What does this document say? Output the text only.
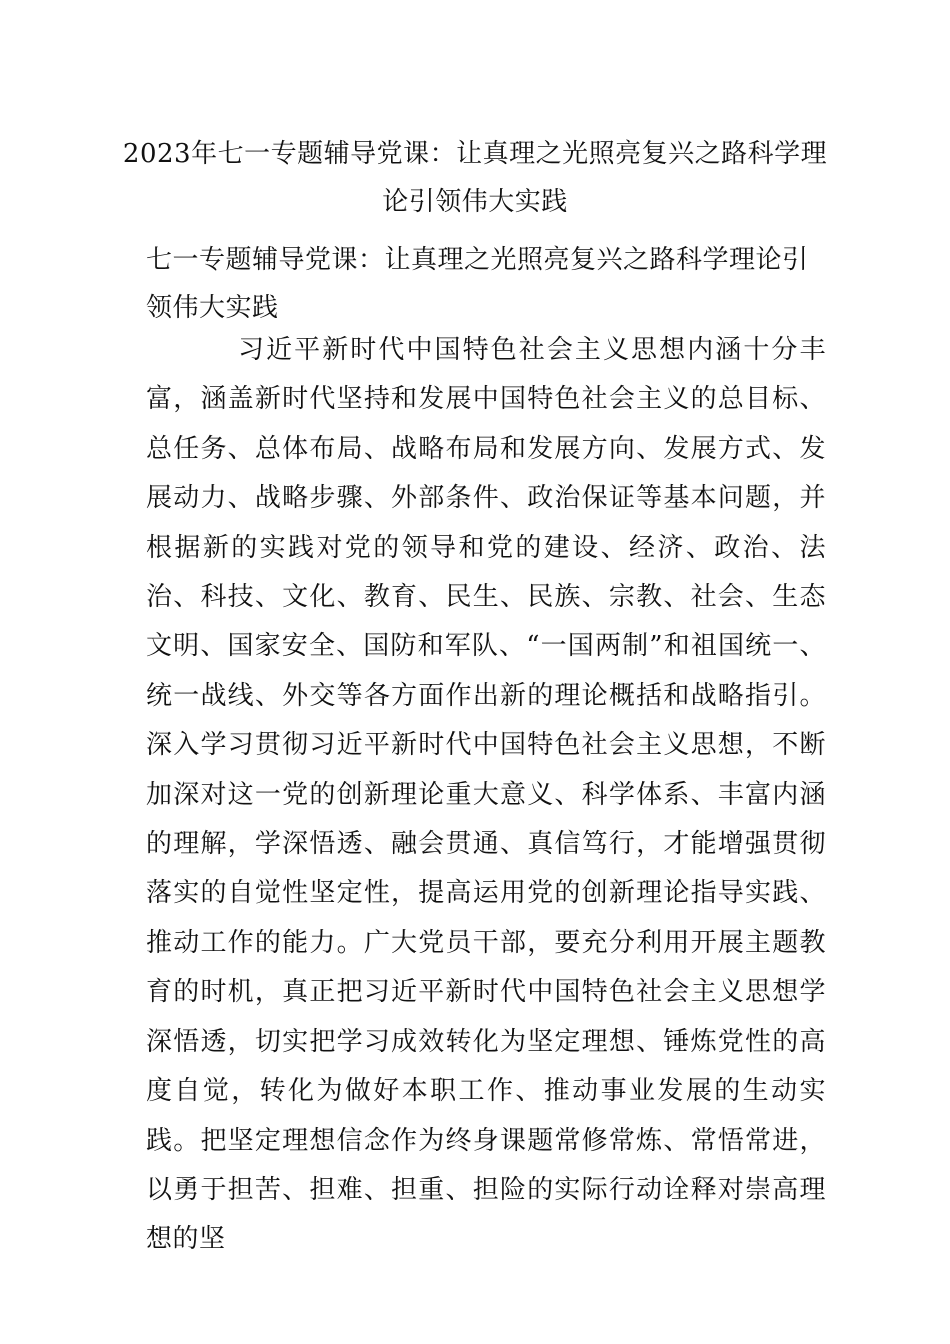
2023年七一专题辅导党课：让真理之光照亮复兴之路科学理论引领伟大实践
七一专题辅导党课：让真理之光照亮复兴之路科学理论引领伟大实践
习近平新时代中国特色社会主义思想内涵十分丰富，涵盖新时代坚持和发展中国特色社会主义的总目标、总任务、总体布局、战略布局和发展方向、发展方式、发展动力、战略步骤、外部条件、政治保证等基本问题，并根据新的实践对党的领导和党的建设、经济、政治、法治、科技、文化、教育、民生、民族、宗教、社会、生态文明、国家安全、国防和军队、“一国两制”和祖国统一、统一战线、外交等各方面作出新的理论概括和战略指引。深入学习贯彻习近平新时代中国特色社会主义思想，不断加深对这一党的创新理论重大意义、科学体系、丰富内涵的理解，学深悟透、融会贯通、真信笃行，才能增强贯彻落实的自觉性坚定性，提高运用党的创新理论指导实践、推动工作的能力。广大党员干部，要充分利用开展主题教育的时机，真正把习近平新时代中国特色社会主义思想学深悟透，切实把学习成效转化为坚定理想、锤炼党性的高度自觉，转化为做好本职工作、推动事业发展的生动实践。把坚定理想信念作为终身课题常修常炼、常悟常进，以勇于担苦、担难、担重、担险的实际行动诠释对崇高理想的坚
